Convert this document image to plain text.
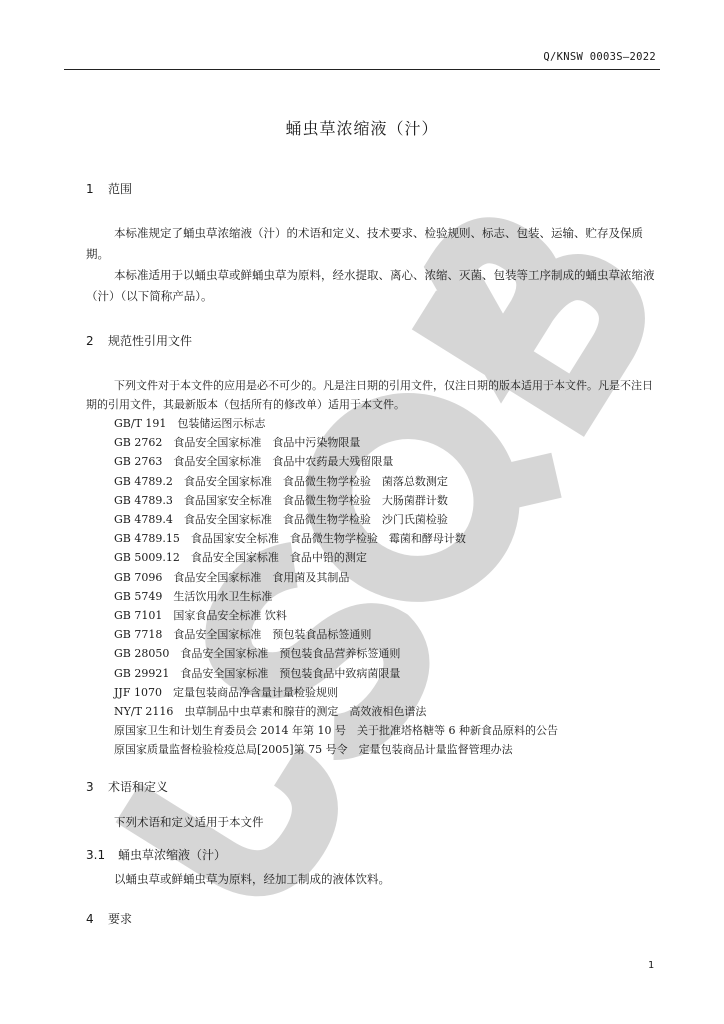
Q/KNSW 0003S—2022
蛹虫草浓缩液（汁）
1 范围

本标准规定了蛹虫草浓缩液（汁）的术语和定义、技术要求、检验规则、标志、包装、运输、贮存及保质期。

本标准适用于以蛹虫草或鲜蛹虫草为原料，经水提取、离心、浓缩、灭菌、包装等工序制成的蛹虫草浓缩液（汁）（以下简称产品）。

2 规范性引用文件

下列文件对于本文件的应用是必不可少的。凡是注日期的引用文件，仅注日期的版本适用于本文件。凡是不注日期的引用文件，其最新版本（包括所有的修改单）适用于本文件。

GB/T 191　包装储运图示标志
GB 2762　食品安全国家标准　食品中污染物限量
GB 2763　食品安全国家标准　食品中农药最大残留限量
GB 4789.2　食品安全国家标准　食品微生物学检验　菌落总数测定
GB 4789.3　食品国家安全标准　食品微生物学检验　大肠菌群计数
GB 4789.4　食品安全国家标准　食品微生物学检验　沙门氏菌检验
GB 4789.15　食品国家安全标准　食品微生物学检验　霉菌和酵母计数
GB 5009.12　食品安全国家标准　食品中铅的测定
GB 7096　食品安全国家标准　食用菌及其制品
GB 5749　生活饮用水卫生标准
GB 7101　国家食品安全标准 饮料
GB 7718　食品安全国家标准　预包装食品标签通则
GB 28050　食品安全国家标准　预包装食品营养标签通则
GB 29921　食品安全国家标准　预包装食品中致病菌限量
JJF 1070　定量包装商品净含量计量检验规则
NY/T 2116　虫草制品中虫草素和腺苷的测定　高效液相色谱法
原国家卫生和计划生育委员会 2014 年第 10 号　关于批准塔格糖等 6 种新食品原料的公告
原国家质量监督检验检疫总局[2005]第 75 号令　定量包装商品计量监督管理办法
3 术语和定义
下列术语和定义适用于本文件
3.1 蛹虫草浓缩液（汁）
以蛹虫草或鲜蛹虫草为原料，经加工制成的液体饮料。
4 要求
1
